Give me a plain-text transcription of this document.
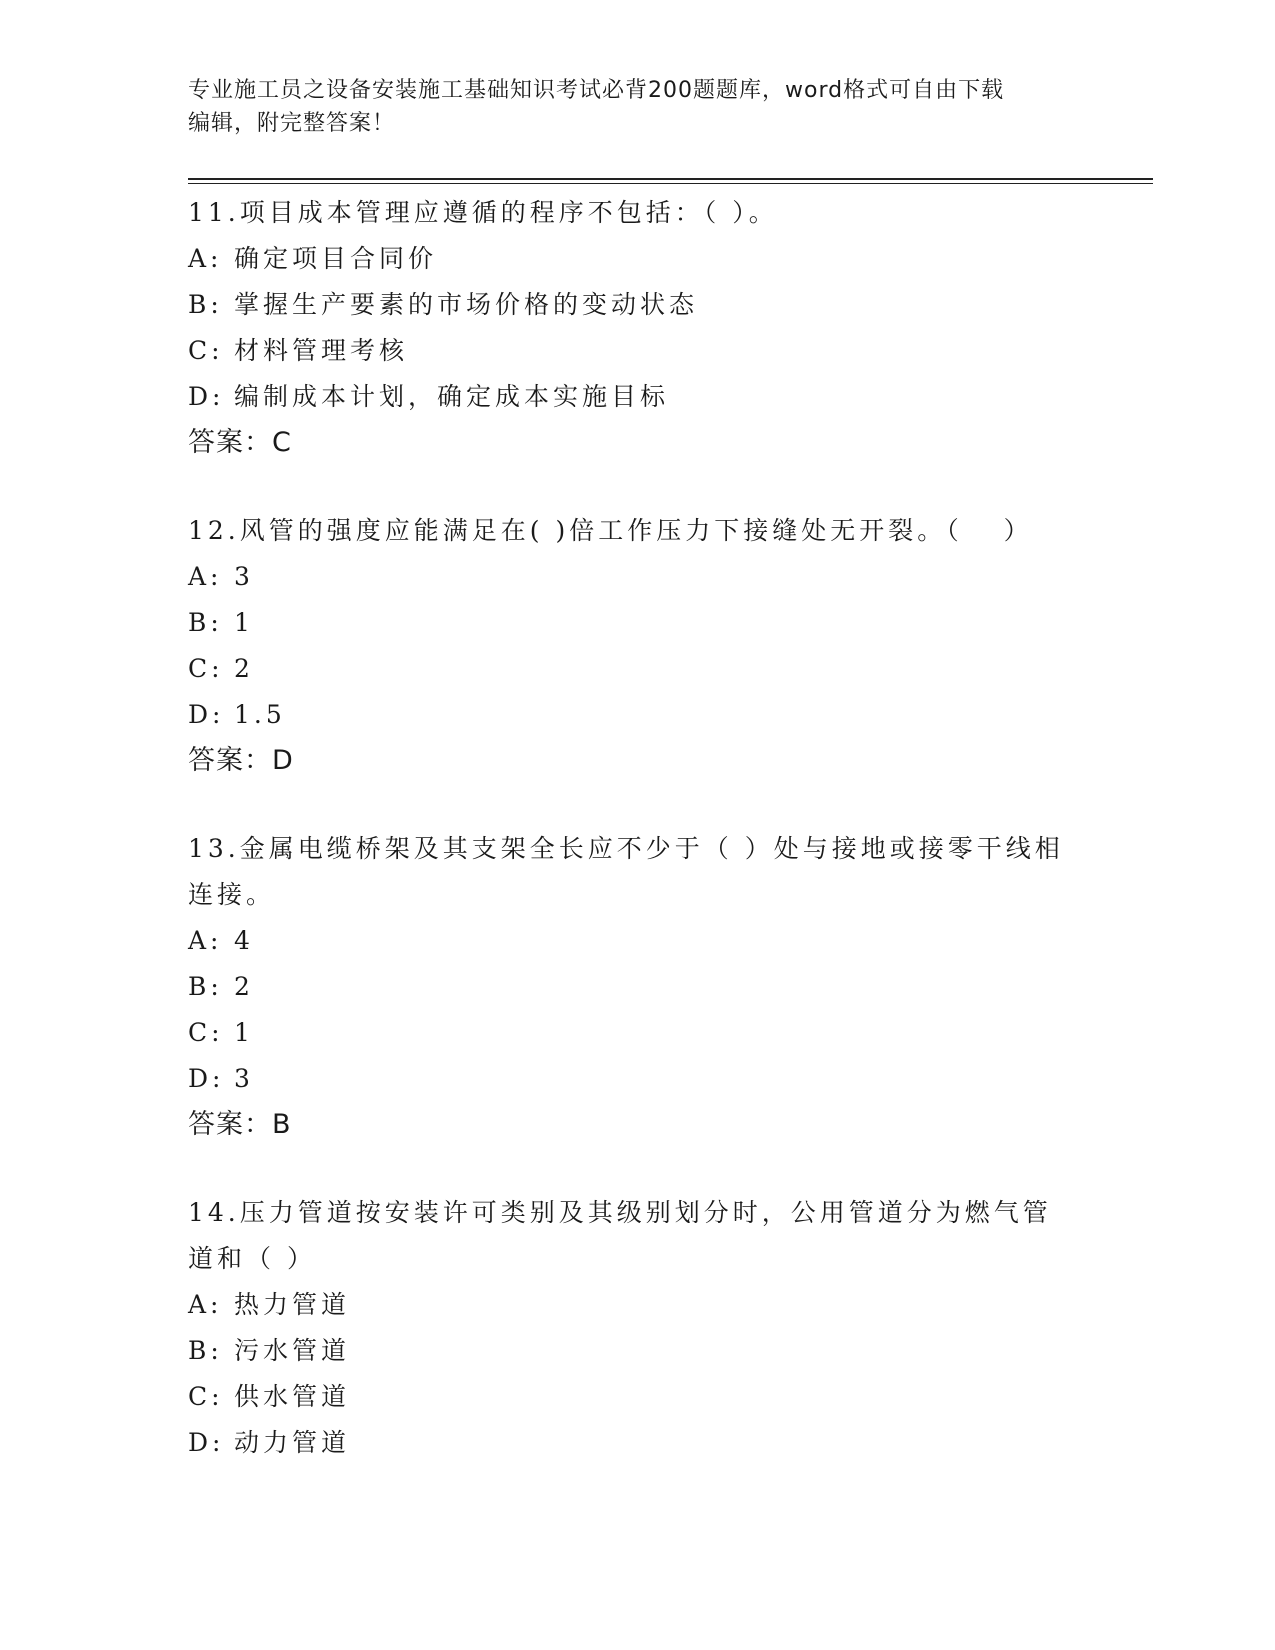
专业施工员之设备安装施工基础知识考试必背200题题库，word格式可自由下载
编辑，附完整答案！
11.项目成本管理应遵循的程序不包括：（ ）。
A: 确定项目合同价
B: 掌握生产要素的市场价格的变动状态
C: 材料管理考核
D: 编制成本计划，确定成本实施目标
答案：C
12.风管的强度应能满足在( )倍工作压力下接缝处无开裂。（　 ）
A: 3
B: 1
C: 2
D: 1.5
答案：D
13.金属电缆桥架及其支架全长应不少于（ ）处与接地或接零干线相连接。
A: 4
B: 2
C: 1
D: 3
答案：B
14.压力管道按安装许可类别及其级别划分时，公用管道分为燃气管道和（ ）
A: 热力管道
B: 污水管道
C: 供水管道
D: 动力管道
